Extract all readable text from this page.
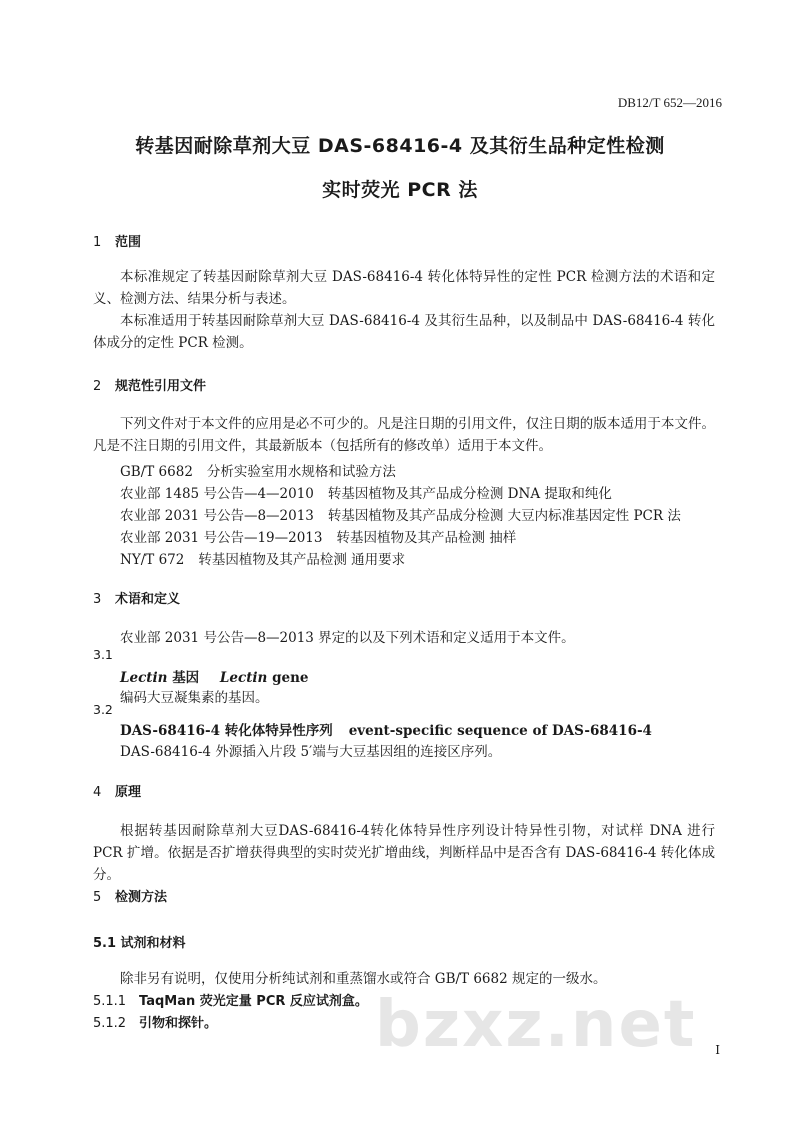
DB12/T 652—2016
转基因耐除草剂大豆 DAS-68416-4 及其衍生品种定性检测
实时荧光 PCR 法
1 范围
本标准规定了转基因耐除草剂大豆 DAS-68416-4 转化体特异性的定性 PCR 检测方法的术语和定义、检测方法、结果分析与表述。
本标准适用于转基因耐除草剂大豆 DAS-68416-4 及其衍生品种，以及制品中 DAS-68416-4 转化体成分的定性 PCR 检测。
2 规范性引用文件
下列文件对于本文件的应用是必不可少的。凡是注日期的引用文件，仅注日期的版本适用于本文件。凡是不注日期的引用文件，其最新版本（包括所有的修改单）适用于本文件。
GB/T 6682 分析实验室用水规格和试验方法
农业部 1485 号公告—4—2010 转基因植物及其产品成分检测 DNA 提取和纯化
农业部 2031 号公告—8—2013 转基因植物及其产品成分检测 大豆内标准基因定性 PCR 法
农业部 2031 号公告—19—2013 转基因植物及其产品检测 抽样
NY/T 672 转基因植物及其产品检测 通用要求
3 术语和定义
农业部 2031 号公告—8—2013 界定的以及下列术语和定义适用于本文件。
3.1
Lectin 基因 Lectin gene
编码大豆凝集素的基因。
3.2
DAS-68416-4 转化体特异性序列 event-specific sequence of DAS-68416-4
DAS-68416-4 外源插入片段 5′端与大豆基因组的连接区序列。
4 原理
根据转基因耐除草剂大豆DAS-68416-4转化体特异性序列设计特异性引物，对试样 DNA 进行 PCR 扩增。依据是否扩增获得典型的实时荧光扩增曲线，判断样品中是否含有 DAS-68416-4 转化体成分。
5 检测方法
5.1 试剂和材料
除非另有说明，仅使用分析纯试剂和重蒸馏水或符合 GB/T 6682 规定的一级水。
5.1.1 TaqMan 荧光定量 PCR 反应试剂盒。
5.1.2 引物和探针。 bzxz.net I
